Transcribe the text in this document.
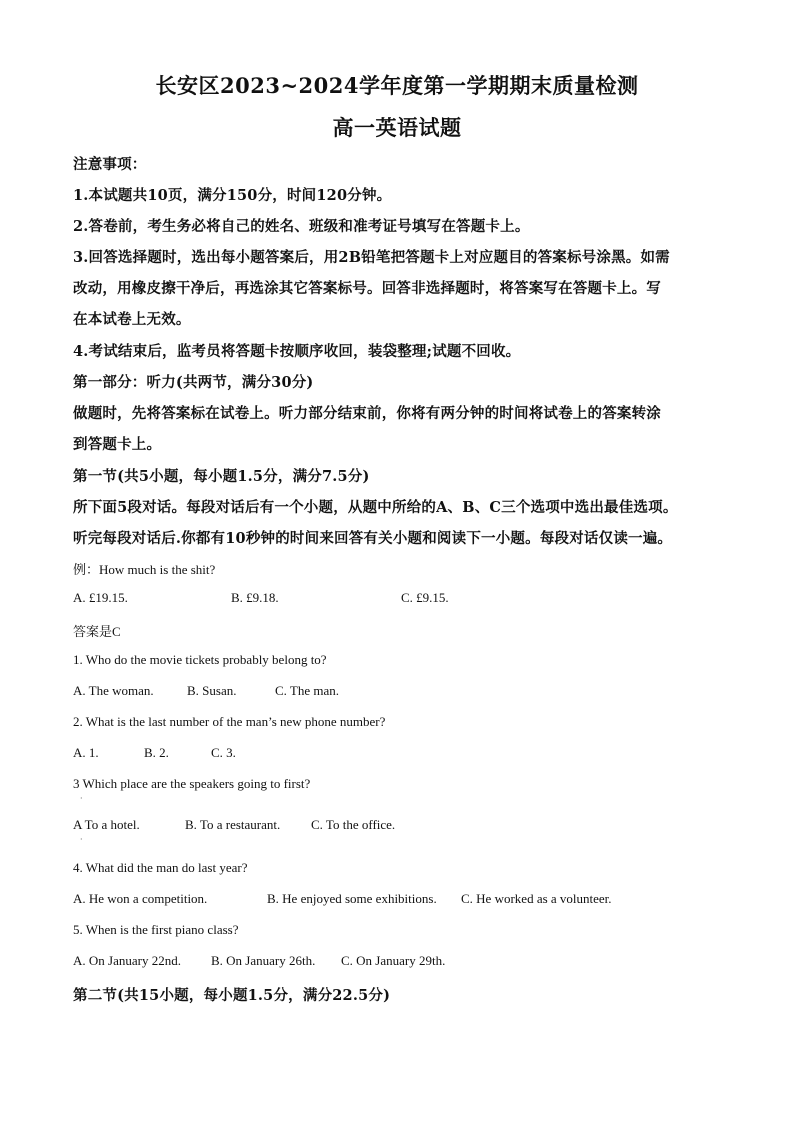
长安区2023~2024学年度第一学期期末质量检测
高一英语试题
注意事项：
1.本试题共10页，满分150分，时间120分钟。
2.答卷前，考生务必将自己的姓名、班级和准考证号填写在答题卡上。
3.回答选择题时，选出每小题答案后，用2B铅笔把答题卡上对应题目的答案标号涂黑。如需
改动，用橡皮擦干净后，再选涂其它答案标号。回答非选择题时，将答案写在答题卡上。写
在本试卷上无效。
4.考试结束后，监考员将答题卡按顺序收回，装袋整理;试题不回收。
第一部分：听力(共两节，满分30分)
做题时，先将答案标在试卷上。听力部分结束前，你将有两分钟的时间将试卷上的答案转涂
到答题卡上。
第一节(共5小题，每小题1.5分，满分7.5分)
所下面5段对话。每段对话后有一个小题，从题中所给的A、B、C三个选项中选出最佳选项。
听完每段对话后.你都有10秒钟的时间来回答有关小题和阅读下一小题。每段对话仅读一遍。
例：How much is the shit?
A. £19.15.	B. £9.18.	C. £9.15.
答案是C
1. Who do the movie tickets probably belong to?
A. The woman.	B. Susan.	C. The man.
2. What is the last number of the man’s new phone number?
A. 1.	B. 2.	C. 3.
3 Which place are the speakers going to first?
·
A To a hotel.	B. To a restaurant. C. To the office.
·
4. What did the man do last year?
A. He won a competition.	B. He enjoyed some exhibitions. C. He worked as a volunteer.
5. When is the first piano class?
A. On January 22nd. B. On January 26th. C. On January 29th.
第二节(共15小题，每小题1.5分，满分22.5分)
